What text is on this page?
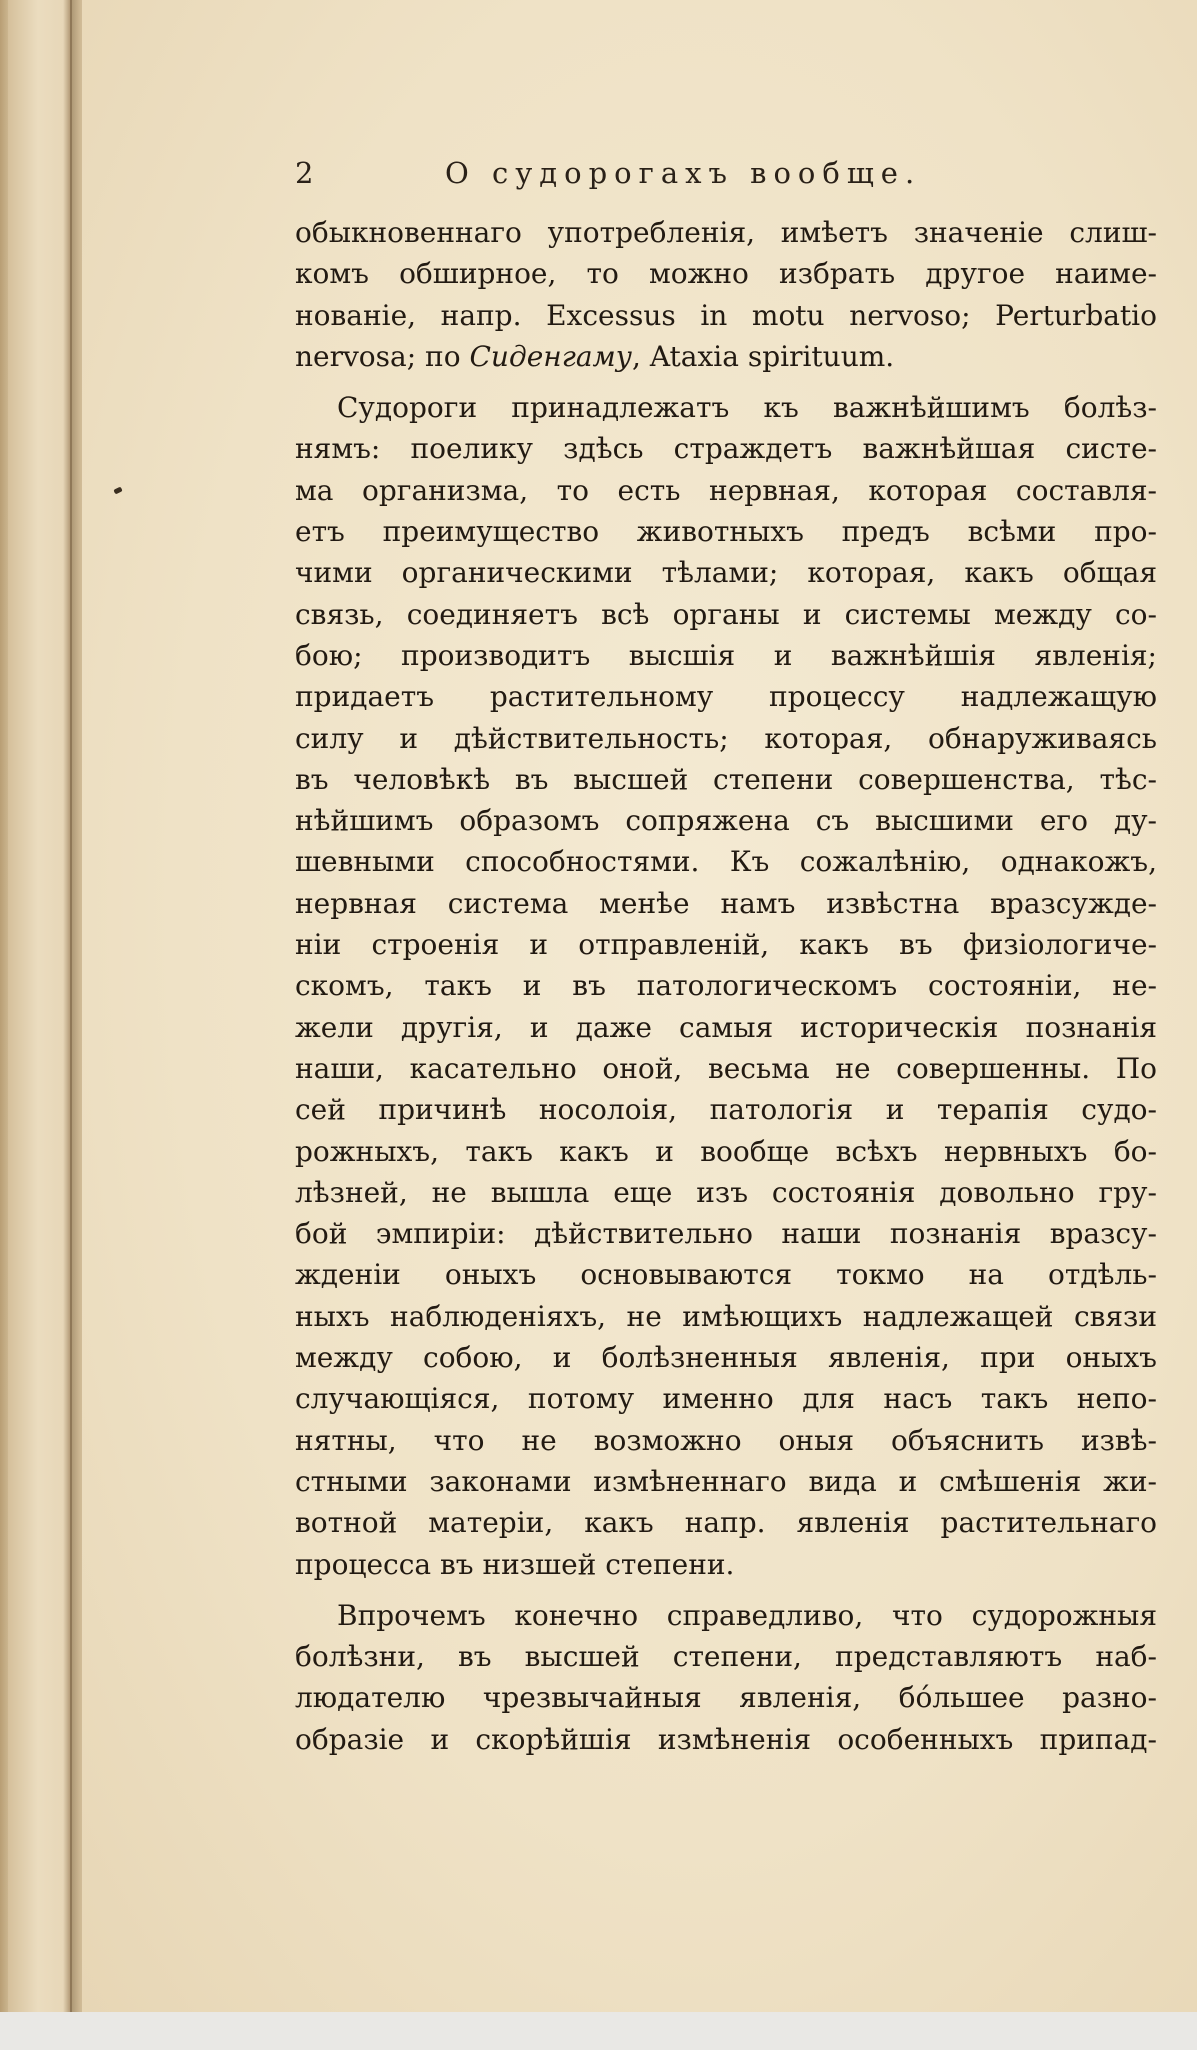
2	О судорогахъ вообще.
обыкновеннаго употребленія, имѣетъ значеніе слиш-
комъ обширное, то можно избрать другое наиме-
нованіе, напр. Excessus in motu nervoso; Perturbatio
nervosa; по Сиденгаму, Ataxia spirituum.
Судороги принадлежатъ къ важнѣйшимъ болѣз-
нямъ: поелику здѣсь страждетъ важнѣйшая систе-
ма организма, то есть нервная, которая составля-
етъ преимущество животныхъ предъ всѣми про-
чими органическими тѣлами; которая, какъ общая
связь, соединяетъ всѣ органы и системы между со-
бою; производитъ высшія и важнѣйшія явленія;
придаетъ растительному процессу надлежащую
силу и дѣйствительность; которая, обнаруживаясь
въ человѣкѣ въ высшей степени совершенства, тѣс-
нѣйшимъ образомъ сопряжена съ высшими его ду-
шевными способностями. Къ сожалѣнію, однакожъ,
нервная система менѣе намъ извѣстна вразсужде-
ніи строенія и отправленій, какъ въ физіологиче-
скомъ, такъ и въ патологическомъ состояніи, не-
жели другія, и даже самыя историческія познанія
наши, касательно оной, весьма не совершенны. По
сей причинѣ носолоія, патологія и терапія судо-
рожныхъ, такъ какъ и вообще всѣхъ нервныхъ бо-
лѣзней, не вышла еще изъ состоянія довольно гру-
бой эмпиріи: дѣйствительно наши познанія вразсу-
жденіи оныхъ основываются токмо на отдѣль-
ныхъ наблюденіяхъ, не имѣющихъ надлежащей связи
между собою, и болѣзненныя явленія, при оныхъ
случающіяся, потому именно для насъ такъ непо-
нятны, что не возможно оныя объяснить извѣ-
стными законами измѣненнаго вида и смѣшенія жи-
вотной матеріи, какъ напр. явленія растительнаго
процесса въ низшей степени.
Впрочемъ конечно справедливо, что судорожныя
болѣзни, въ высшей степени, представляютъ наб-
людателю чрезвычайныя явленія, бóльшее разно-
образіе и скорѣйшія измѣненія особенныхъ припад-
